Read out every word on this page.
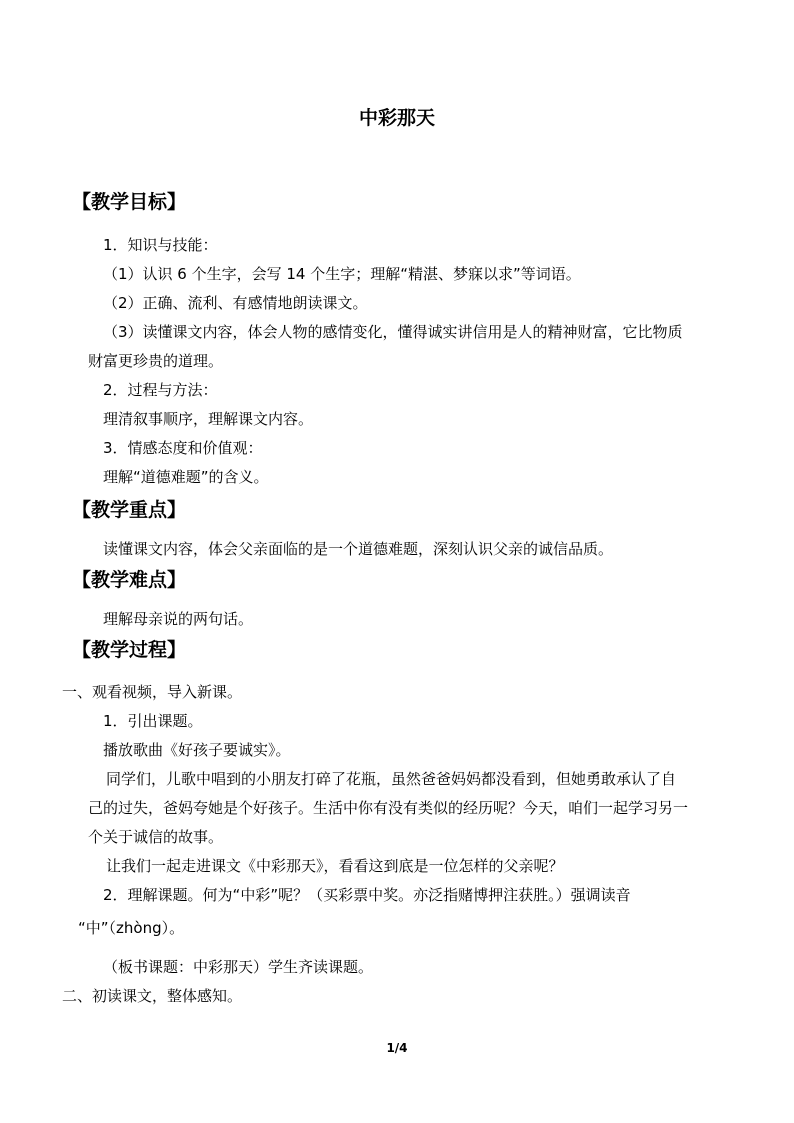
中彩那天
【教学目标】
1．知识与技能：
（1）认识 6 个生字，会写 14 个生字；理解“精湛、梦寐以求”等词语。
（2）正确、流利、有感情地朗读课文。
（3）读懂课文内容，体会人物的感情变化，懂得诚实讲信用是人的精神财富，它比物质
财富更珍贵的道理。
2．过程与方法：
理清叙事顺序，理解课文内容。
3．情感态度和价值观：
理解“道德难题”的含义。
【教学重点】
读懂课文内容，体会父亲面临的是一个道德难题，深刻认识父亲的诚信品质。
【教学难点】
理解母亲说的两句话。
【教学过程】
一、观看视频，导入新课。
1．引出课题。
播放歌曲《好孩子要诚实》。
同学们，儿歌中唱到的小朋友打碎了花瓶，虽然爸爸妈妈都没看到，但她勇敢承认了自
己的过失，爸妈夸她是个好孩子。生活中你有没有类似的经历呢？今天，咱们一起学习另一
个关于诚信的故事。
让我们一起走进课文《中彩那天》，看看这到底是一位怎样的父亲呢？
2．理解课题。何为“中彩”呢？（买彩票中奖。亦泛指赌博押注获胜。）强调读音
“中”（zhòng）。
（板书课题：中彩那天）学生齐读课题。
二、初读课文，整体感知。
1/4
